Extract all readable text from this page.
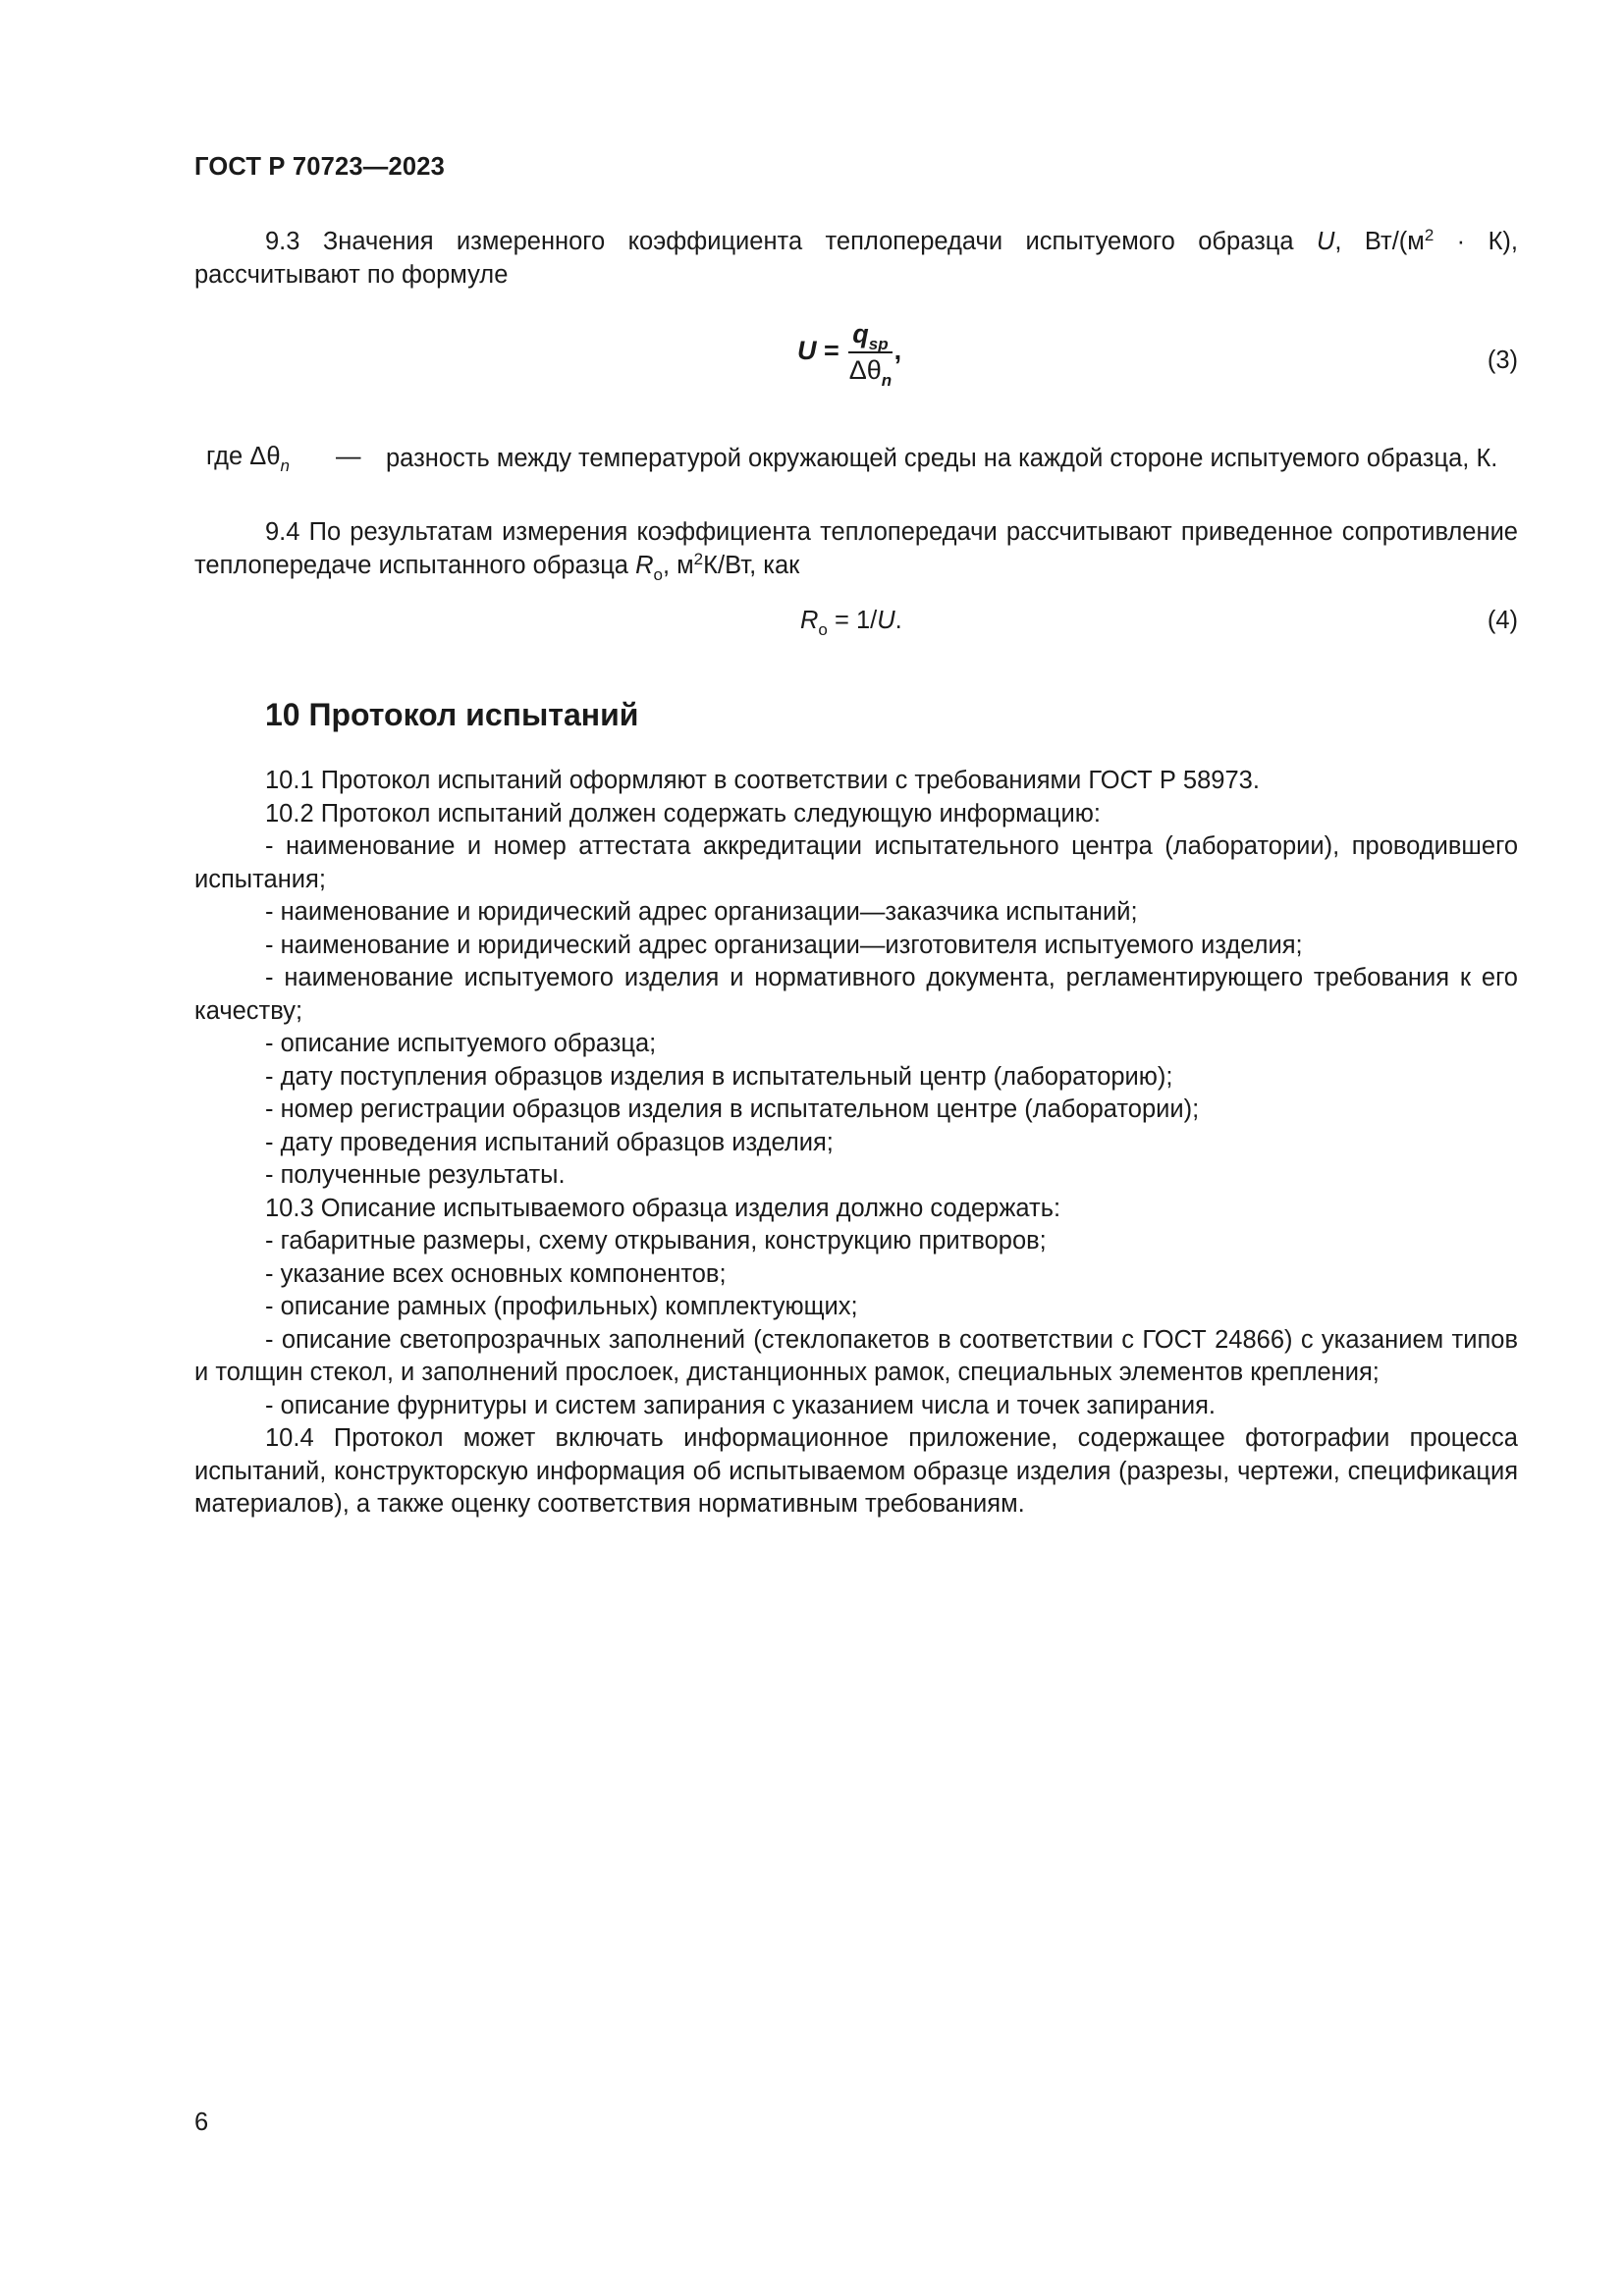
ГОСТ Р 70723—2023

9.3 Значения измеренного коэффициента теплопередачи испытуемого образца U, $Вт/(м^2 \cdot К)$, рассчитывают по формуле

$U = \frac{q_{sp}}{\Delta\theta_n}$ ,	(3)
где $\Delta\theta_n$ — разность между температурой окружающей среды на каждой стороне испытуемого образца, К.

9.4 По результатам измерения коэффициента теплопередачи рассчитывают приведенное сопротивление теплопередаче испытанного образца $R_о$, $м^2К/Вт$, как

$R_о = 1/U$.	(4)
10 Протокол испытаний

10.1 Протокол испытаний оформляют в соответствии с требованиями ГОСТ Р 58973.

10.2 Протокол испытаний должен содержать следующую информацию:

- наименование и номер аттестата аккредитации испытательного центра (лаборатории), проводившего испытания;

- наименование и юридический адрес организации—заказчика испытаний;

- наименование и юридический адрес организации—изготовителя испытуемого изделия;

- наименование испытуемого изделия и нормативного документа, регламентирующего требования к его качеству;

- описание испытуемого образца;

- дату поступления образцов изделия в испытательный центр (лабораторию);

- номер регистрации образцов изделия в испытательном центре (лаборатории);

- дату проведения испытаний образцов изделия;

- полученные результаты.

10.3 Описание испытываемого образца изделия должно содержать:

- габаритные размеры, схему открывания, конструкцию притворов;

- указание всех основных компонентов;

- описание рамных (профильных) комплектующих;

- описание светопрозрачных заполнений (стеклопакетов в соответствии с ГОСТ 24866) с указанием типов и толщин стекол, и заполнений прослоек, дистанционных рамок, специальных элементов крепления;

- описание фурнитуры и систем запирания с указанием числа и точек запирания.

10.4 Протокол может включать информационное приложение, содержащее фотографии процесса испытаний, конструкторскую информация об испытываемом образце изделия (разрезы, чертежи, спецификация материалов), а также оценку соответствия нормативным требованиям.

6
